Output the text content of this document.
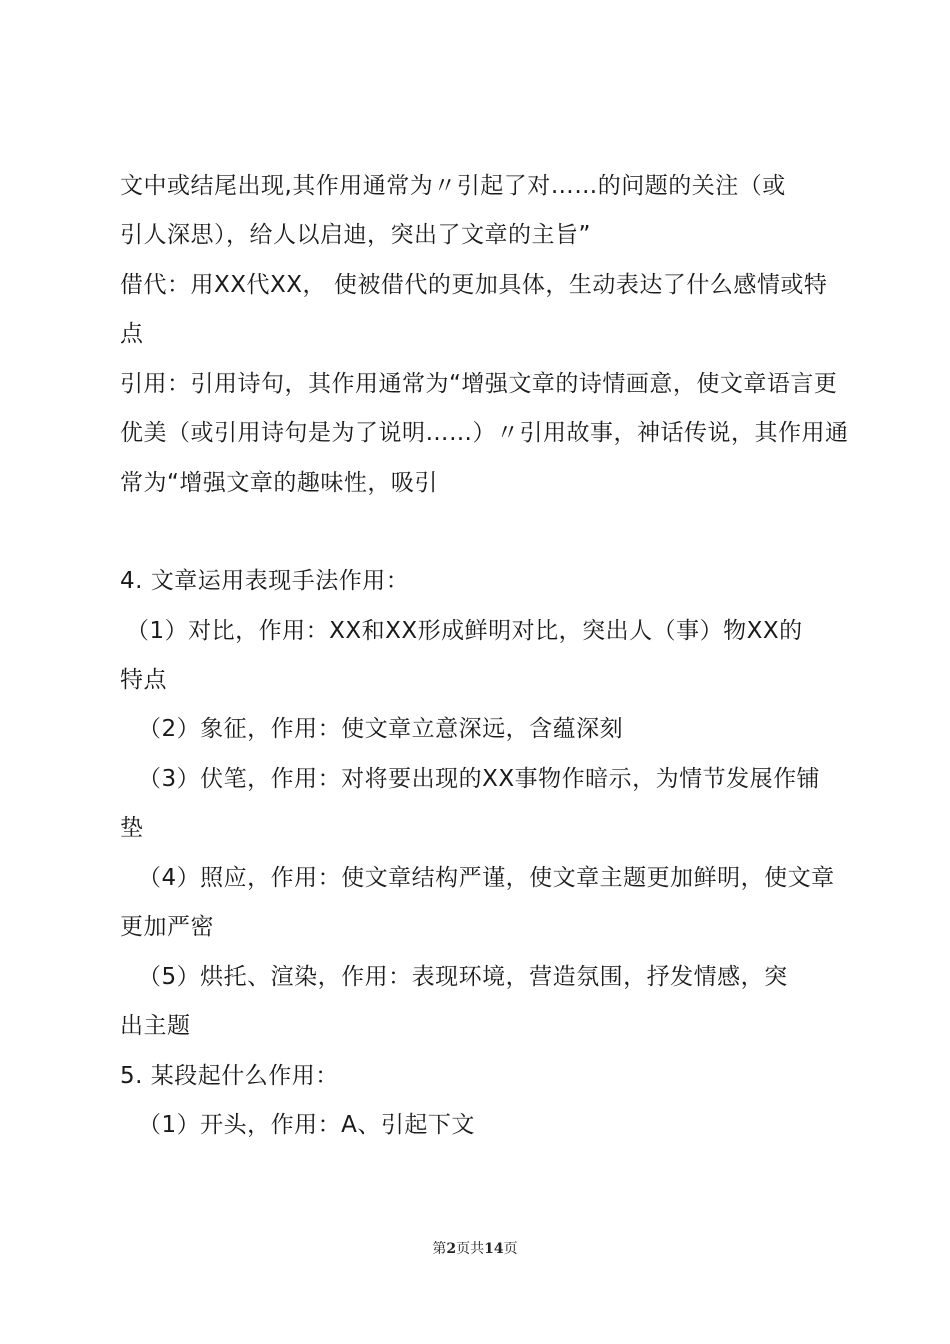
文中或结尾出现,其作用通常为〃引起了对……的问题的关注（或
引人深思），给人以启迪，突出了文章的主旨”
借代：用XX代XX， 使被借代的更加具体，生动表达了什么感情或特
点
引用：引用诗句，其作用通常为“增强文章的诗情画意，使文章语言更
优美（或引用诗句是为了说明……）〃引用故事，神话传说，其作用通
常为“增强文章的趣味性，吸引
4. 文章运用表现手法作用：
（1）对比，作用：XX和XX形成鲜明对比，突出人（事）物XX的
特点
（2）象征，作用：使文章立意深远，含蕴深刻
（3）伏笔，作用：对将要出现的XX事物作暗示，为情节发展作铺
垫
（4）照应，作用：使文章结构严谨，使文章主题更加鲜明，使文章
更加严密
（5）烘托、渲染，作用：表现环境，营造氛围，抒发情感，突
出主题
5. 某段起什么作用：
（1）开头，作用：A、引起下文
第2页共14页
